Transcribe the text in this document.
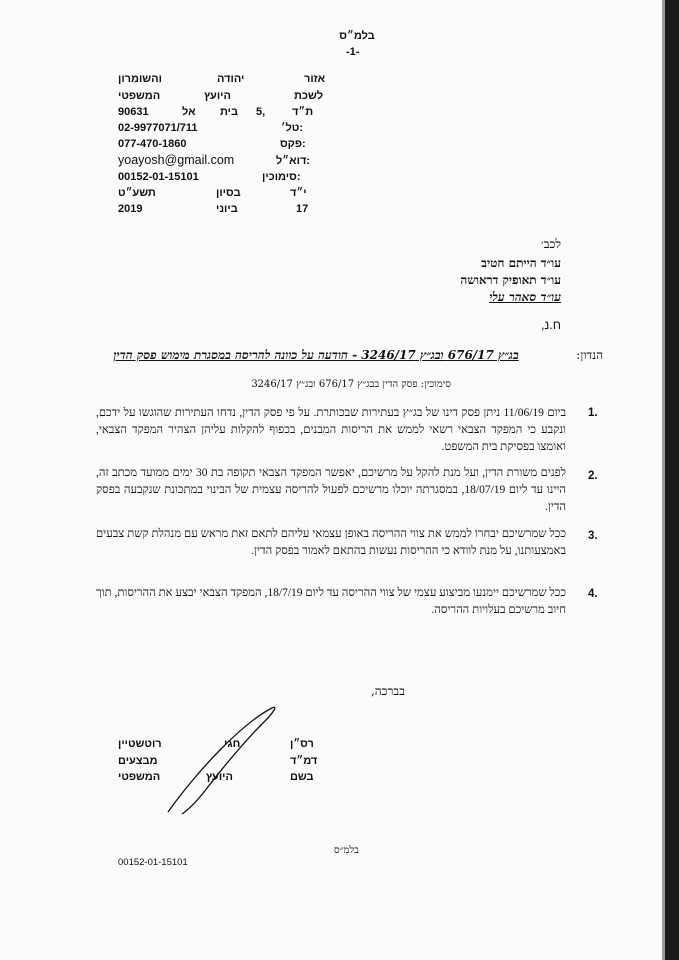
בלמ״ס
-1-
אזור
יהודה
והשומרון
לשכת
היועץ
המשפטי
ת״ד
5,
בית
אל
90631
טל׳:
02-9977071/711
פקס:
077-470-1860
דוא״ל:
yoayosh@gmail.com
סימוכין:
00152-01-15101
י״ד
בסיון
תשע״ט
17
ביוני
2019
לכב׳
עו״ד הייתם חטיב
עו״ד תאופיק דראושה
עו״ד סאהר עלי
ח.נ,
הנדון:
בג״ץ 676/17 ובג״ץ 3246/17 - הודעה על כוונה להריסה במסגרת מימוש פסק הדין
סימוכין: פסק הדין בבג״ץ 676/17 ובג״ץ 3246/17
1.
ביום 11/06/19 ניתן פסק דינו של בג״ץ בעתירות שבכותרת. על פי פסק הדין, נדחו העתירות שהוגשו על ידכם, ונקבע כי המפקד הצבאי רשאי לממש את הריסות המבנים, בכפוף להקלות עליהן הצהיר המפקד הצבאי, ואומצו בפסיקת בית המשפט.
2.
לפנים משורת הדין, ועל מנת להקל על מרשיכם, יאפשר המפקד הצבאי תקופה בת 30 ימים ממועד מכתב זה, היינו עד ליום 18/07/19, במסגרתה יוכלו מרשיכם לפעול להריסה עצמית של הבינוי במתכונת שנקבעה בפסק הדין.
3.
ככל שמרשיכם יבחרו לממש את צווי ההריסה באופן עצמאי עליהם לתאם זאת מראש עם מנהלת קשת צבעים באמצעותנו, על מנת לוודא כי ההריסות נעשות בהתאם לאמור בפסק הדין.
4.
ככל שמרשיכם יימנעו מביצוע עצמי של צווי ההריסה עד ליום 18/7/19, המפקד הצבאי יבצע את ההריסות, תוך חיוב מרשיכם בעלויות ההריסה.
בברכה,
רס״ן
חגי
רוטשטיין
דמ״ד
מבצעים
בשם
היועץ
המשפטי
בלמ״ס
00152-01-15101
